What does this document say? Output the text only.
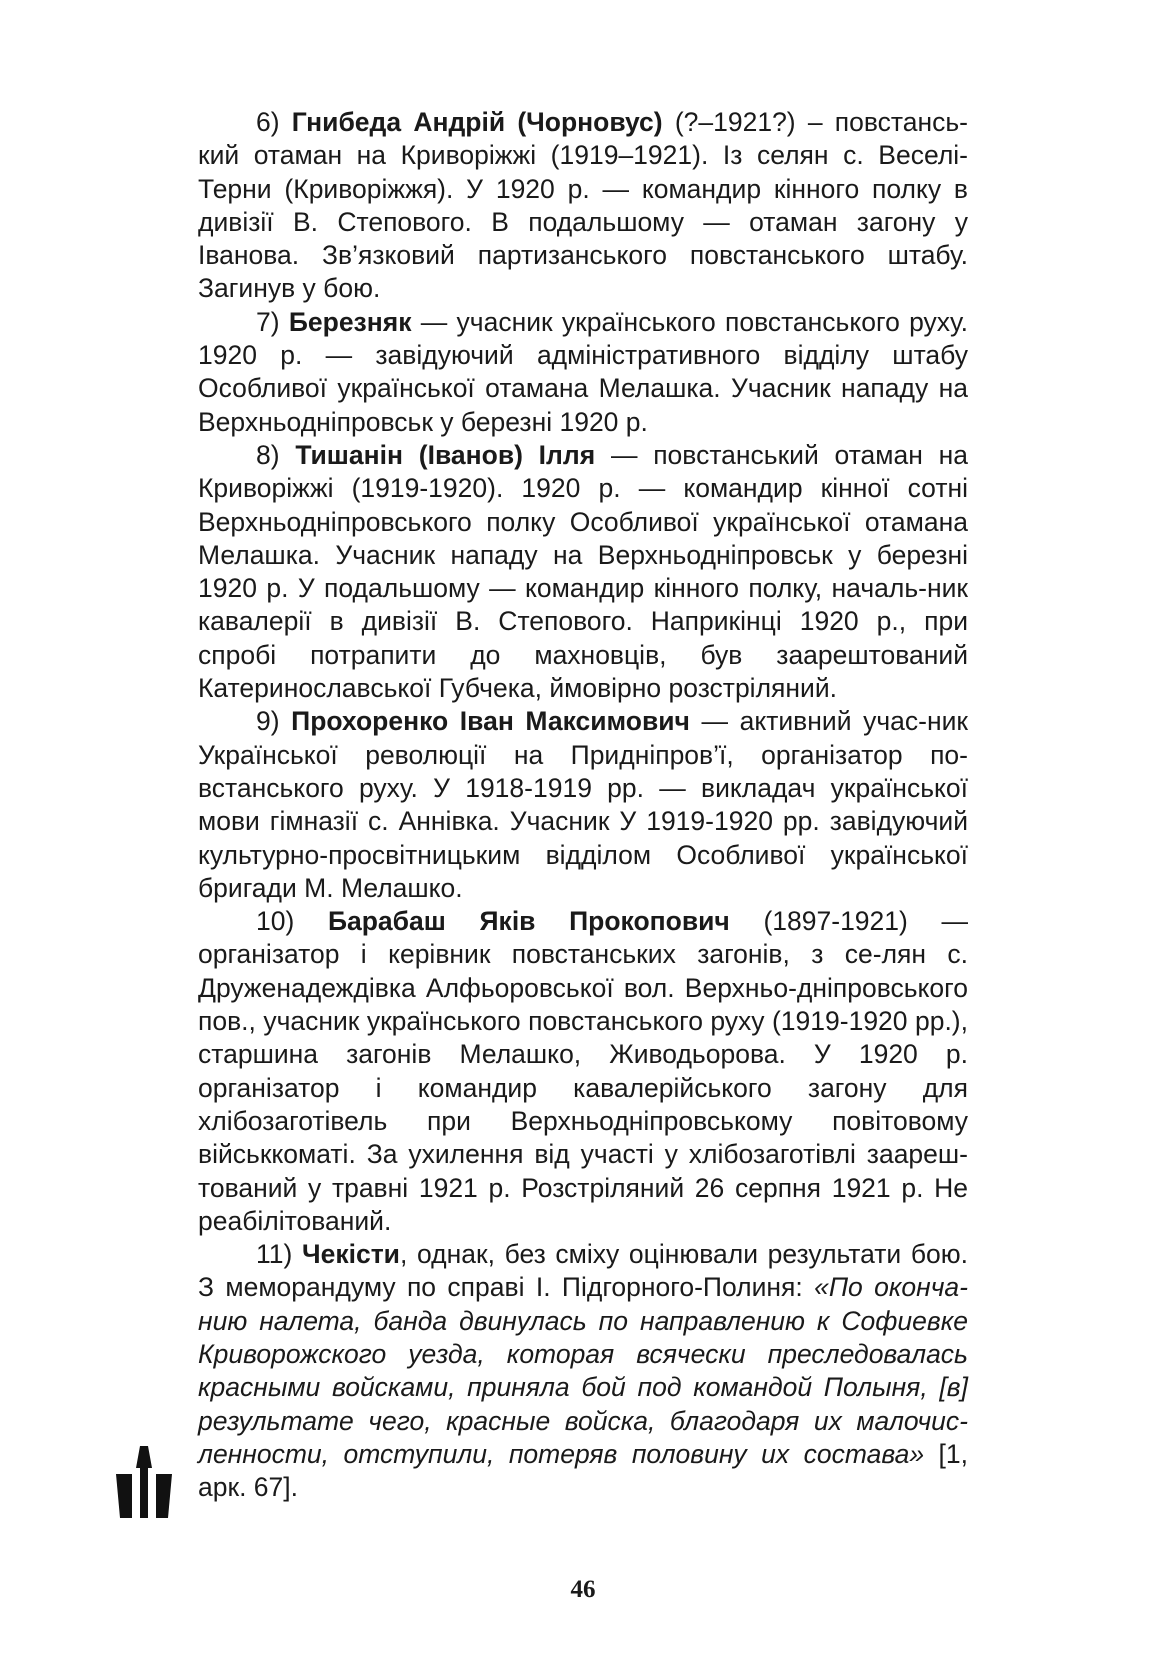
6) Гнибеда Андрій (Чорновус) (?–1921?) – повстансь-кий отаман на Криворіжжі (1919–1921). Із селян с. Веселі-Терни (Криворіжжя). У 1920 р. — командир кінного полку в дивізії В. Степового. В подальшому — отаман загону у Іванова. Зв’язковий партизанського повстанського штабу. Загинув у бою.

7) Березняк — учасник українського повстанського руху. 1920 р. — завідуючий адміністративного відділу штабу Особливої української отамана Мелашка. Учасник нападу на Верхньодніпровськ у березні 1920 р.

8) Тишанін (Іванов) Ілля — повстанський отаман на Криворіжжі (1919-1920). 1920 р. — командир кінної сотні Верхньодніпровського полку Особливої української отамана Мелашка. Учасник нападу на Верхньодніпровськ у березні 1920 р. У подальшому — командир кінного полку, началь-ник кавалерії в дивізії В. Степового. Наприкінці 1920 р., при спробі потрапити до махновців, був заарештований Катеринославської Губчека, ймовірно розстріляний.

9) Прохоренко Іван Максимович — активний учас-ник Української революції на Придніпров’ї, організатор по-встанського руху. У 1918-1919 рр. — викладач української мови гімназії с. Аннівка. Учасник У 1919-1920 рр. завідуючий культурно-просвітницьким відділом Особливої української бригади М. Мелашко.

10) Барабаш Яків Прокопович (1897-1921) — організатор і керівник повстанських загонів, з се-лян с. Друженадеждівка Алфьоровської вол. Верхньо-дніпровського пов., учасник українського повстанського руху (1919-1920 рр.), старшина загонів Мелашко, Живодьорова. У 1920 р. організатор і командир кавалерійського загону для хлібозаготівель при Верхньодніпровському повітовому військкоматі. За ухилення від участі у хлібозаготівлі заареш-тований у травні 1921 р. Розстріляний 26 серпня 1921 р. Не реабілітований.

11) Чекісти, однак, без сміху оцінювали результати бою. З меморандуму по справі І. Підгорного-Полиня: «По оконча-нию налета, банда двинулась по направлению к Софиевке Криворожского уезда, которая всячески преследовалась красными войсками, приняла бой под командой Полыня, [в] результате чего, красные войска, благодаря их малочис-ленности, отступили, потеряв половину их состава» [1, арк. 67].

46
